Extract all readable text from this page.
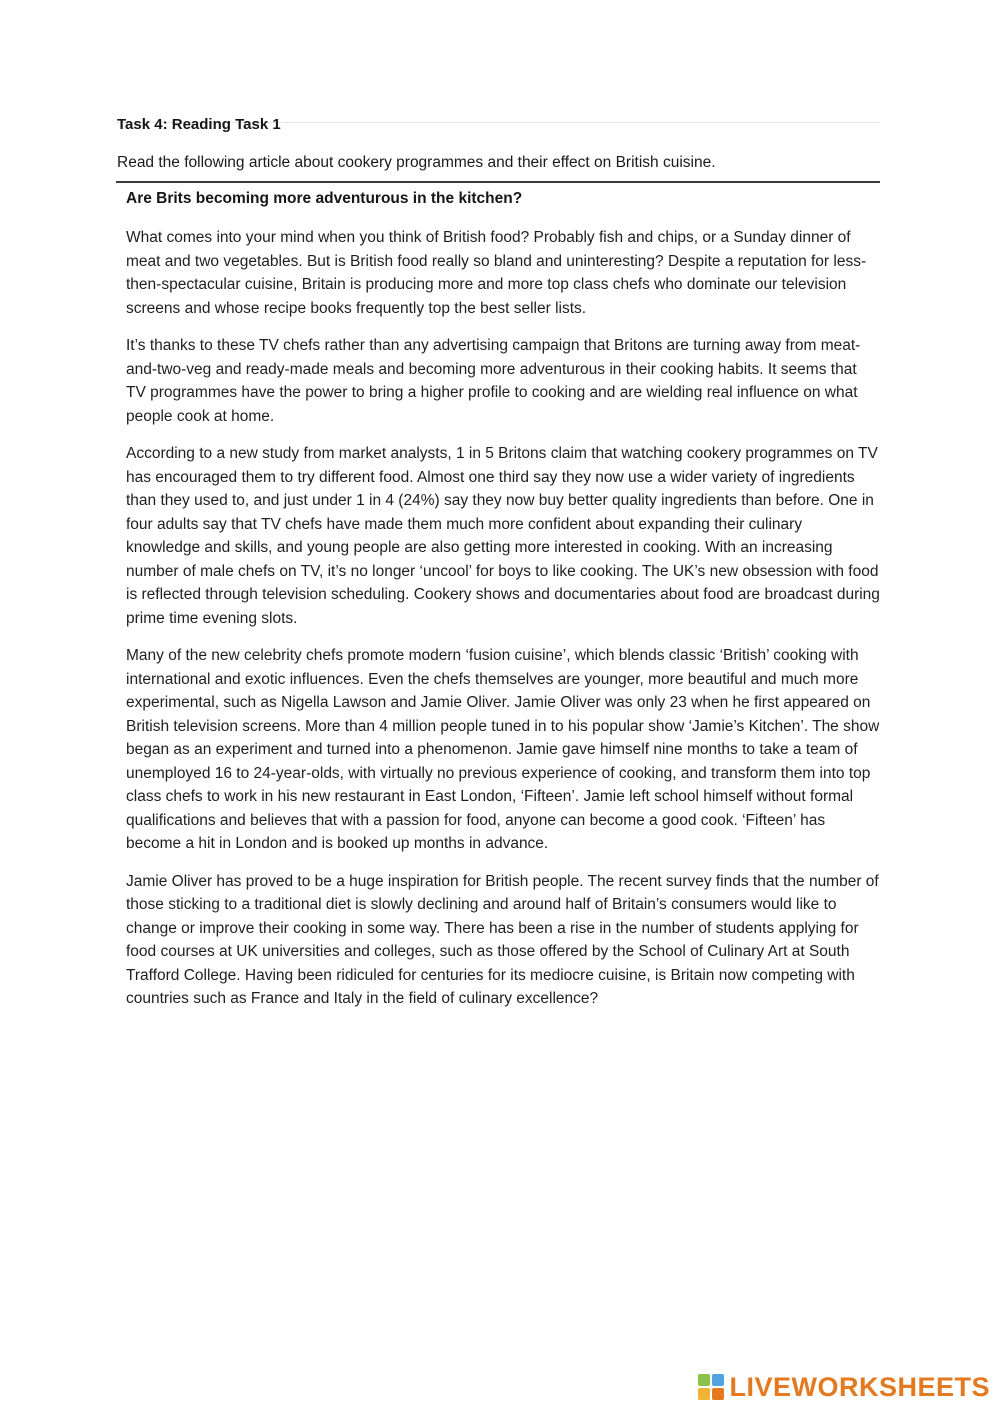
Task 4: Reading Task 1

Read the following article about cookery programmes and their effect on British cuisine.

Are Brits becoming more adventurous in the kitchen?

What comes into your mind when you think of British food? Probably fish and chips, or a Sunday dinner of meat and two vegetables. But is British food really so bland and uninteresting? Despite a reputation for less-then-spectacular cuisine, Britain is producing more and more top class chefs who dominate our television screens and whose recipe books frequently top the best seller lists.

It’s thanks to these TV chefs rather than any advertising campaign that Britons are turning away from meat-and-two-veg and ready-made meals and becoming more adventurous in their cooking habits. It seems that TV programmes have the power to bring a higher profile to cooking and are wielding real influence on what people cook at home.

According to a new study from market analysts, 1 in 5 Britons claim that watching cookery programmes on TV has encouraged them to try different food. Almost one third say they now use a wider variety of ingredients than they used to, and just under 1 in 4 (24%) say they now buy better quality ingredients than before. One in four adults say that TV chefs have made them much more confident about expanding their culinary knowledge and skills, and young people are also getting more interested in cooking. With an increasing number of male chefs on TV, it’s no longer ‘uncool’ for boys to like cooking. The UK’s new obsession with food is reflected through television scheduling. Cookery shows and documentaries about food are broadcast during prime time evening slots.

Many of the new celebrity chefs promote modern ‘fusion cuisine’, which blends classic ‘British’ cooking with international and exotic influences. Even the chefs themselves are younger, more beautiful and much more experimental, such as Nigella Lawson and Jamie Oliver. Jamie Oliver was only 23 when he first appeared on British television screens. More than 4 million people tuned in to his popular show ‘Jamie’s Kitchen’. The show began as an experiment and turned into a phenomenon. Jamie gave himself nine months to take a team of unemployed 16 to 24-year-olds, with virtually no previous experience of cooking, and transform them into top class chefs to work in his new restaurant in East London, ‘Fifteen’. Jamie left school himself without formal qualifications and believes that with a passion for food, anyone can become a good cook. ‘Fifteen’ has become a hit in London and is booked up months in advance.

Jamie Oliver has proved to be a huge inspiration for British people. The recent survey finds that the number of those sticking to a traditional diet is slowly declining and around half of Britain’s consumers would like to change or improve their cooking in some way. There has been a rise in the number of students applying for food courses at UK universities and colleges, such as those offered by the School of Culinary Art at South Trafford College. Having been ridiculed for centuries for its mediocre cuisine, is Britain now competing with countries such as France and Italy in the field of culinary excellence?

LIVEWORKSHEETS
